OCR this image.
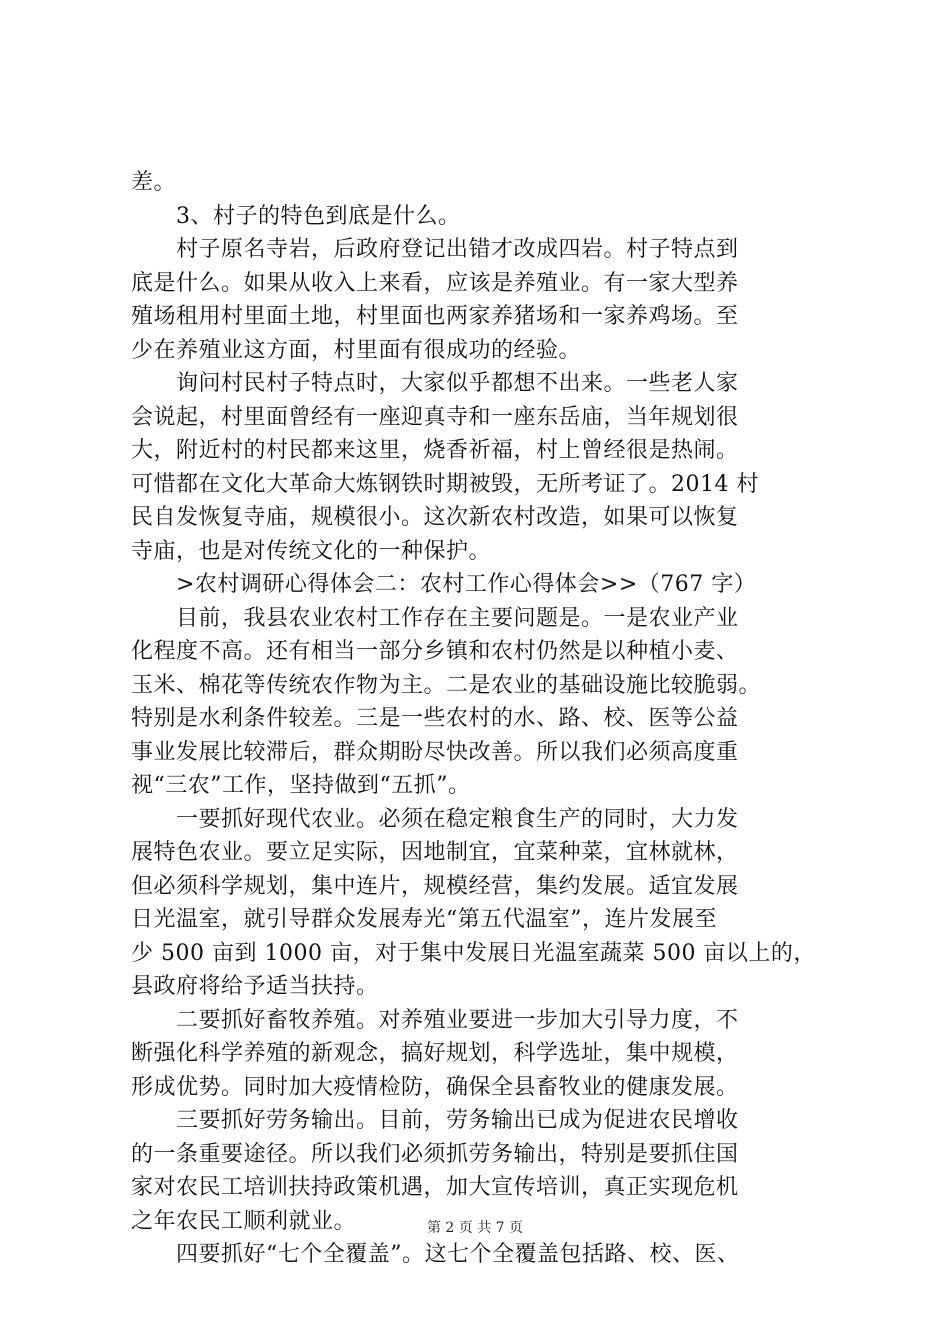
差。
　　3、村子的特色到底是什么。
　　村子原名寺岩，后政府登记出错才改成四岩。村子特点到
底是什么。如果从收入上来看，应该是养殖业。有一家大型养
殖场租用村里面土地，村里面也两家养猪场和一家养鸡场。至
少在养殖业这方面，村里面有很成功的经验。
　　询问村民村子特点时，大家似乎都想不出来。一些老人家
会说起，村里面曾经有一座迎真寺和一座东岳庙，当年规划很
大，附近村的村民都来这里，烧香祈福，村上曾经很是热闹。
可惜都在文化大革命大炼钢铁时期被毁，无所考证了。2014 村
民自发恢复寺庙，规模很小。这次新农村改造，如果可以恢复
寺庙，也是对传统文化的一种保护。
　　>农村调研心得体会二：农村工作心得体会>>（767 字）
　　目前，我县农业农村工作存在主要问题是。一是农业产业
化程度不高。还有相当一部分乡镇和农村仍然是以种植小麦、
玉米、棉花等传统农作物为主。二是农业的基础设施比较脆弱。
特别是水利条件较差。三是一些农村的水、路、校、医等公益
事业发展比较滞后，群众期盼尽快改善。所以我们必须高度重
视“三农”工作，坚持做到“五抓”。
　　一要抓好现代农业。必须在稳定粮食生产的同时，大力发
展特色农业。要立足实际，因地制宜，宜菜种菜，宜林就林，
但必须科学规划，集中连片，规模经营，集约发展。适宜发展
日光温室，就引导群众发展寿光“第五代温室”，连片发展至
少 500 亩到 1000 亩，对于集中发展日光温室蔬菜 500 亩以上的，
县政府将给予适当扶持。
　　二要抓好畜牧养殖。对养殖业要进一步加大引导力度，不
断强化科学养殖的新观念，搞好规划，科学选址，集中规模，
形成优势。同时加大疫情检防，确保全县畜牧业的健康发展。
　　三要抓好劳务输出。目前，劳务输出已成为促进农民增收
的一条重要途径。所以我们必须抓劳务输出，特别是要抓住国
家对农民工培训扶持政策机遇，加大宣传培训，真正实现危机
之年农民工顺利就业。
　　四要抓好“七个全覆盖”。这七个全覆盖包括路、校、医、
第 2 页 共 7 页
